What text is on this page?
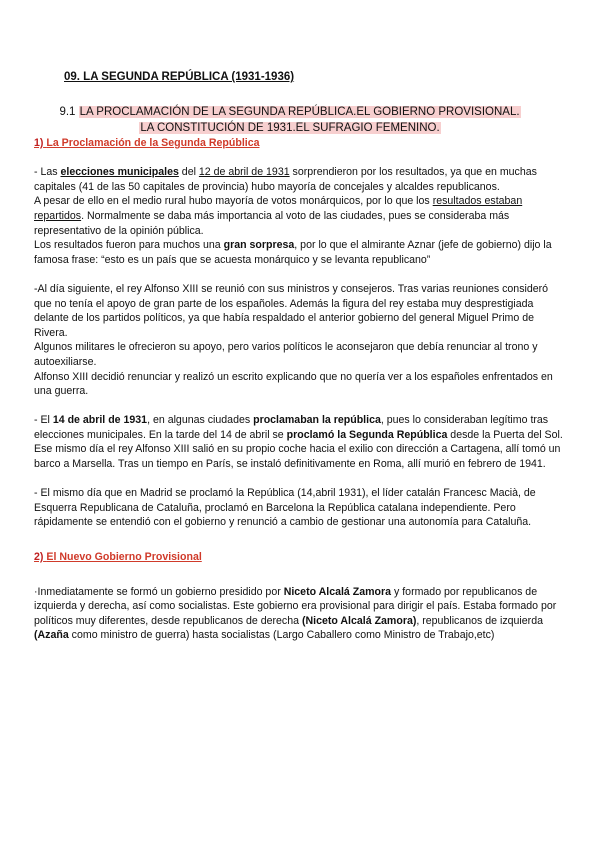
09. LA SEGUNDA REPÚBLICA (1931-1936)
9.1 LA PROCLAMACIÓN DE LA SEGUNDA REPÚBLICA.EL GOBIERNO PROVISIONAL.
LA CONSTITUCIÓN DE 1931.EL SUFRAGIO FEMENINO.

1) La Proclamación de la Segunda República

- Las elecciones municipales del 12 de abril de 1931 sorprendieron por los resultados, ya que en muchas capitales (41 de las 50 capitales de provincia) hubo mayoría de concejales y alcaldes republicanos.

A pesar de ello en el medio rural hubo mayoría de votos monárquicos, por lo que los resultados estaban repartidos. Normalmente se daba más importancia al voto de las ciudades, pues se consideraba más representativo de la opinión pública.

Los resultados fueron para muchos una gran sorpresa, por lo que el almirante Aznar (jefe de gobierno) dijo la famosa frase: “esto es un país que se acuesta monárquico y se levanta republicano”

-Al día siguiente, el rey Alfonso XIII se reunió con sus ministros y consejeros. Tras varias reuniones consideró que no tenía el apoyo de gran parte de los españoles. Además la figura del rey estaba muy desprestigiada delante de los partidos políticos, ya que había respaldado el anterior gobierno del general Miguel Primo de Rivera.

Algunos militares le ofrecieron su apoyo, pero varios políticos le aconsejaron que debía renunciar al trono y autoexiliarse.

Alfonso XIII decidió renunciar y realizó un escrito explicando que no quería ver a los españoles enfrentados en una guerra.

- El 14 de abril de 1931, en algunas ciudades proclamaban la república, pues lo consideraban legítimo tras elecciones municipales. En la tarde del 14 de abril se proclamó la Segunda República desde la Puerta del Sol.

Ese mismo día el rey Alfonso XIII salió en su propio coche hacia el exilio con dirección a Cartagena, allí tomó un barco a Marsella. Tras un tiempo en París, se instaló definitivamente en Roma, allí murió en febrero de 1941.

- El mismo día que en Madrid se proclamó la República (14,abril 1931), el líder catalán Francesc Macià, de Esquerra Republicana de Cataluña, proclamó en Barcelona la República catalana independiente. Pero rápidamente se entendió con el gobierno y renunció a cambio de gestionar una autonomía para Cataluña.

2) El Nuevo Gobierno Provisional

·Inmediatamente se formó un gobierno presidido por Niceto Alcalá Zamora y formado por republicanos de izquierda y derecha, así como socialistas. Este gobierno era provisional para dirigir el país. Estaba formado por políticos muy diferentes, desde republicanos de derecha (Niceto Alcalá Zamora), republicanos de izquierda (Azaña como ministro de guerra) hasta socialistas (Largo Caballero como Ministro de Trabajo,etc)
